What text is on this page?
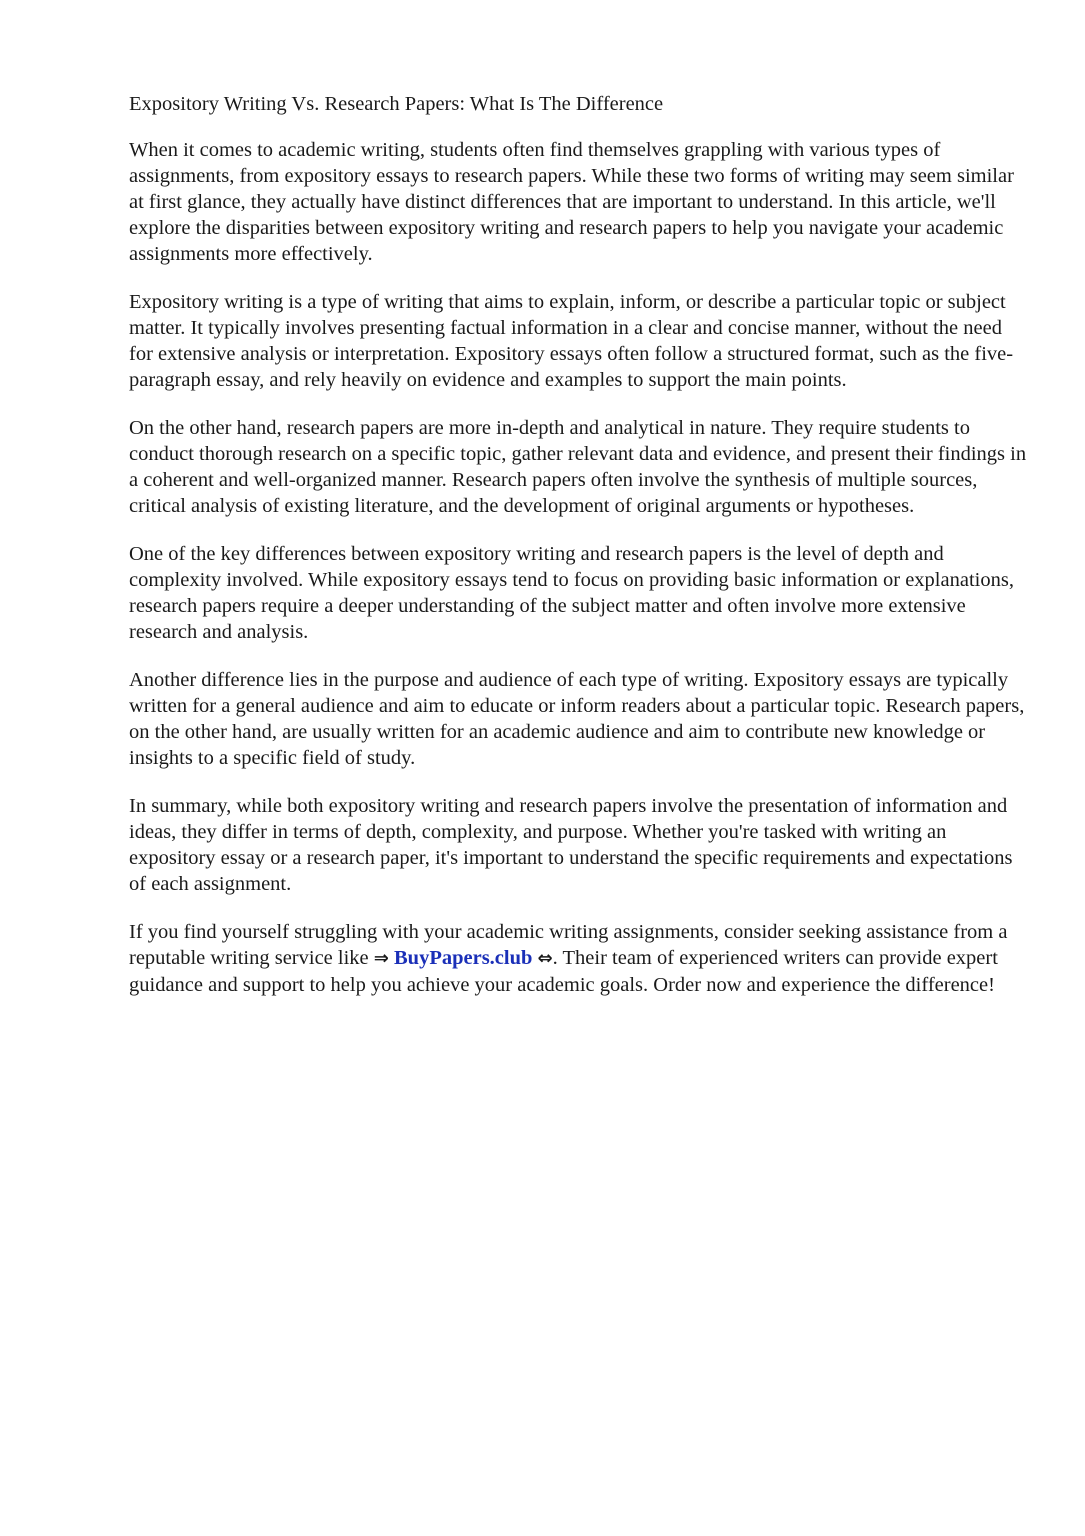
Expository Writing Vs. Research Papers: What Is The Difference

When it comes to academic writing, students often find themselves grappling with various types of assignments, from expository essays to research papers. While these two forms of writing may seem similar at first glance, they actually have distinct differences that are important to understand. In this article, we'll explore the disparities between expository writing and research papers to help you navigate your academic assignments more effectively.

Expository writing is a type of writing that aims to explain, inform, or describe a particular topic or subject matter. It typically involves presenting factual information in a clear and concise manner, without the need for extensive analysis or interpretation. Expository essays often follow a structured format, such as the five-paragraph essay, and rely heavily on evidence and examples to support the main points.

On the other hand, research papers are more in-depth and analytical in nature. They require students to conduct thorough research on a specific topic, gather relevant data and evidence, and present their findings in a coherent and well-organized manner. Research papers often involve the synthesis of multiple sources, critical analysis of existing literature, and the development of original arguments or hypotheses.

One of the key differences between expository writing and research papers is the level of depth and complexity involved. While expository essays tend to focus on providing basic information or explanations, research papers require a deeper understanding of the subject matter and often involve more extensive research and analysis.

Another difference lies in the purpose and audience of each type of writing. Expository essays are typically written for a general audience and aim to educate or inform readers about a particular topic. Research papers, on the other hand, are usually written for an academic audience and aim to contribute new knowledge or insights to a specific field of study.

In summary, while both expository writing and research papers involve the presentation of information and ideas, they differ in terms of depth, complexity, and purpose. Whether you're tasked with writing an expository essay or a research paper, it's important to understand the specific requirements and expectations of each assignment.

If you find yourself struggling with your academic writing assignments, consider seeking assistance from a reputable writing service like ⇒ BuyPapers.club ⇔. Their team of experienced writers can provide expert guidance and support to help you achieve your academic goals. Order now and experience the difference!
